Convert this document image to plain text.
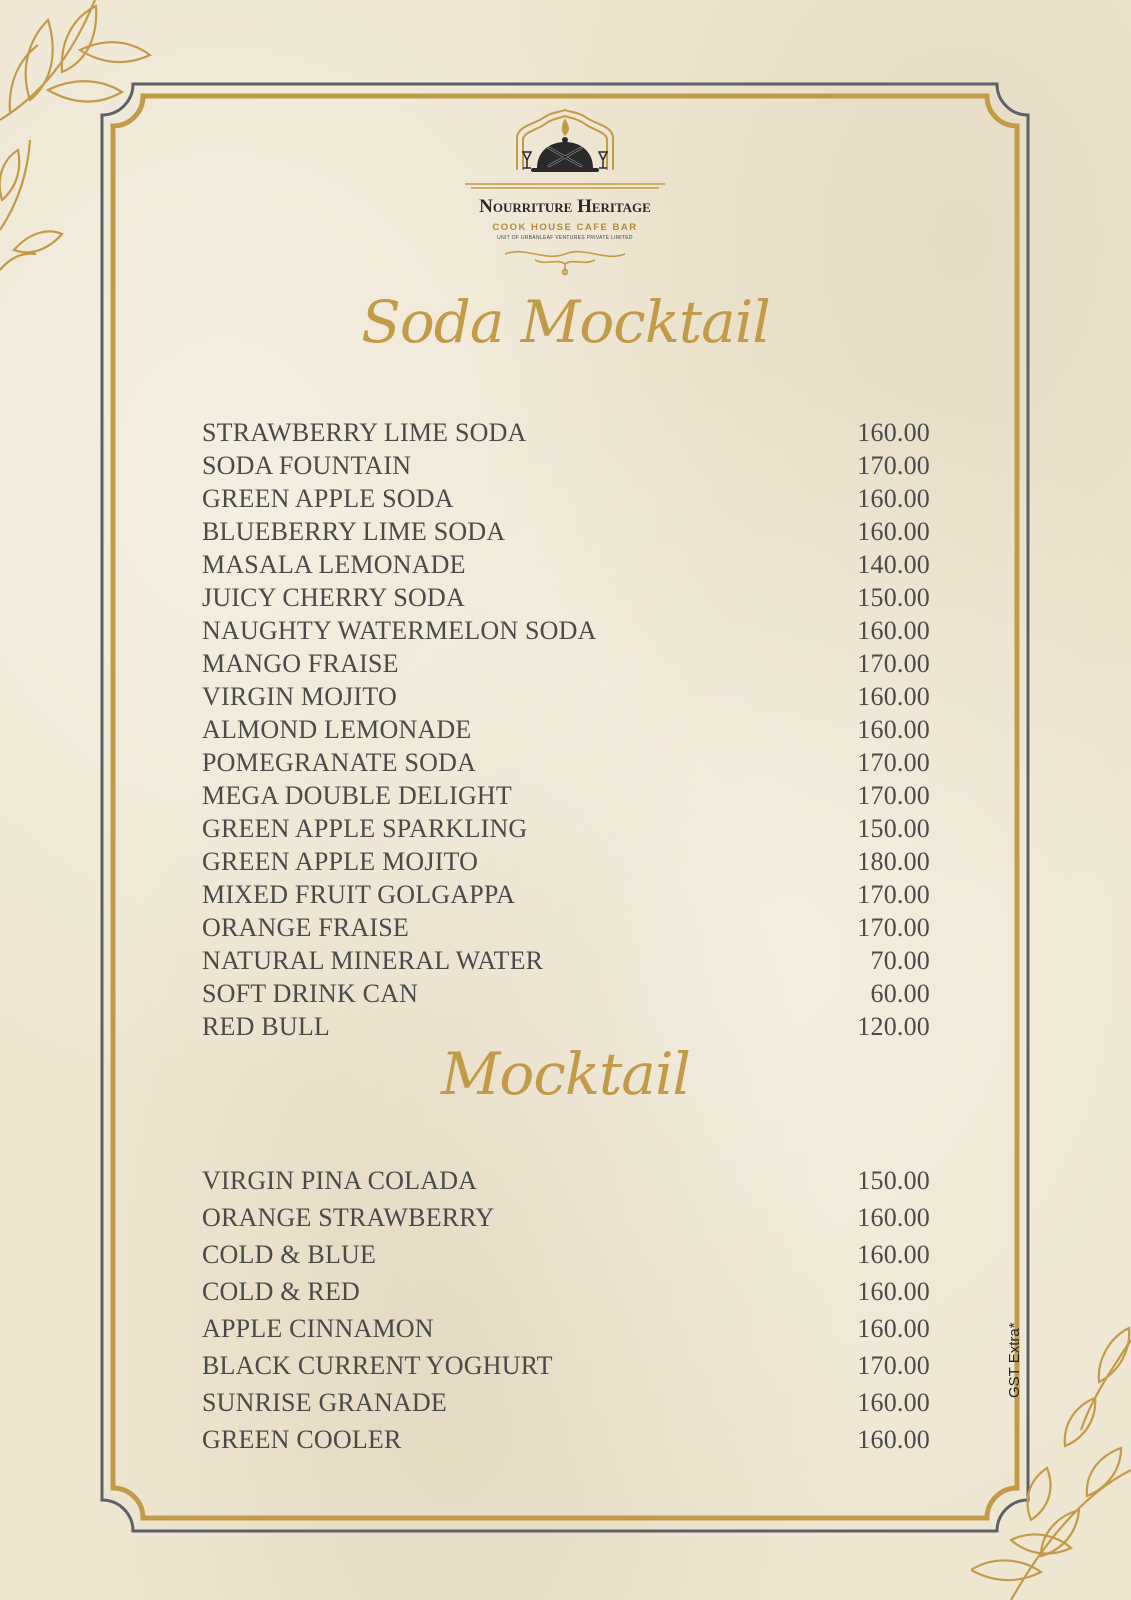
Nourriture Heritage
COOK HOUSE CAFE BAR
UNIT OF URBANLEAF VENTURES PRIVATE LIMITED
Soda Mocktail
STRAWBERRY LIME SODA	160.00
SODA FOUNTAIN	170.00
GREEN APPLE SODA	160.00
BLUEBERRY LIME SODA	160.00
MASALA LEMONADE	140.00
JUICY CHERRY SODA	150.00
NAUGHTY WATERMELON SODA	160.00
MANGO FRAISE	170.00
VIRGIN MOJITO	160.00
ALMOND LEMONADE	160.00
POMEGRANATE SODA	170.00
MEGA DOUBLE DELIGHT	170.00
GREEN APPLE SPARKLING	150.00
GREEN APPLE MOJITO	180.00
MIXED FRUIT GOLGAPPA	170.00
ORANGE FRAISE	170.00
NATURAL MINERAL WATER	70.00
SOFT DRINK CAN	60.00
RED BULL	120.00
Mocktail
VIRGIN PINA COLADA	150.00
ORANGE STRAWBERRY	160.00
COLD & BLUE	160.00
COLD & RED	160.00
APPLE CINNAMON	160.00
BLACK CURRENT YOGHURT	170.00
SUNRISE GRANADE	160.00
GREEN COOLER	160.00
GST Extra*
